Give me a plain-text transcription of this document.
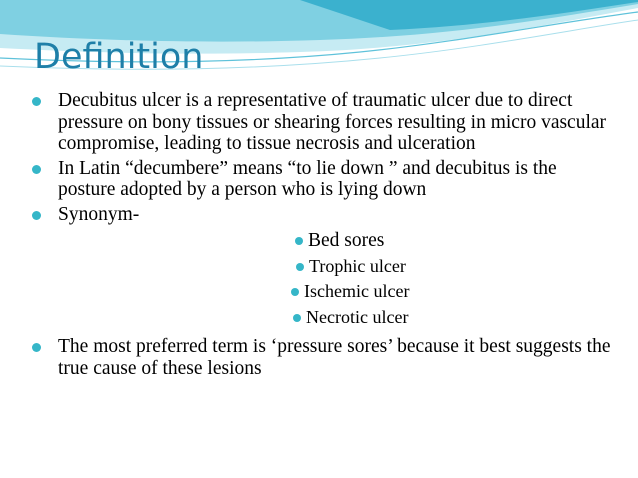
Definition
Decubitus ulcer is a representative of traumatic ulcer due to direct pressure on bony tissues or shearing forces resulting in micro vascular compromise, leading to tissue necrosis and ulceration
In Latin “decumbere” means “to lie down ” and decubitus is the posture adopted by a person who is lying down
Synonym-
Bed sores
Trophic ulcer
Ischemic ulcer
Necrotic ulcer
The most preferred term is ‘pressure sores’ because it best suggests the true cause of these lesions
